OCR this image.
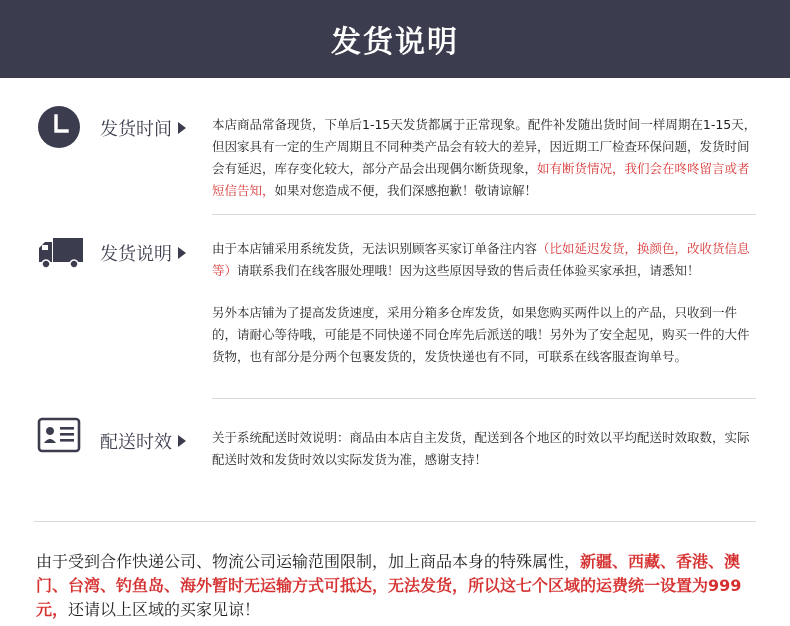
发货说明
发货时间	本店商品常备现货，下单后1-15天发货都属于正常现象。配件补发随出货时间一样周期在1-15天，但因家具有一定的生产周期且不同种类产品会有较大的差异，因近期工厂检查环保问题，发货时间会有延迟，库存变化较大，部分产品会出现偶尔断货现象，如有断货情况，我们会在咚咚留言或者短信告知，如果对您造成不便，我们深感抱歉！敬请谅解！

发货说明	由于本店铺采用系统发货，无法识别顾客买家订单备注内容（比如延迟发货，换颜色，改收货信息等）请联系我们在线客服处理哦！因为这些原因导致的售后责任体验买家承担，请悉知！

另外本店铺为了提高发货速度，采用分箱多仓库发货，如果您购买两件以上的产品，只收到一件的，请耐心等待哦，可能是不同快递不同仓库先后派送的哦！另外为了安全起见，购买一件的大件货物，也有部分是分两个包裹发货的，发货快递也有不同，可联系在线客服查询单号。

配送时效	关于系统配送时效说明：商品由本店自主发货，配送到各个地区的时效以平均配送时效取数，实际配送时效和发货时效以实际发货为准，感谢支持！

由于受到合作快递公司、物流公司运输范围限制，加上商品本身的特殊属性，新疆、西藏、香港、澳门、台湾、钓鱼岛、海外暂时无运输方式可抵达，无法发货，所以这七个区域的运费统一设置为999元，还请以上区域的买家见谅！
